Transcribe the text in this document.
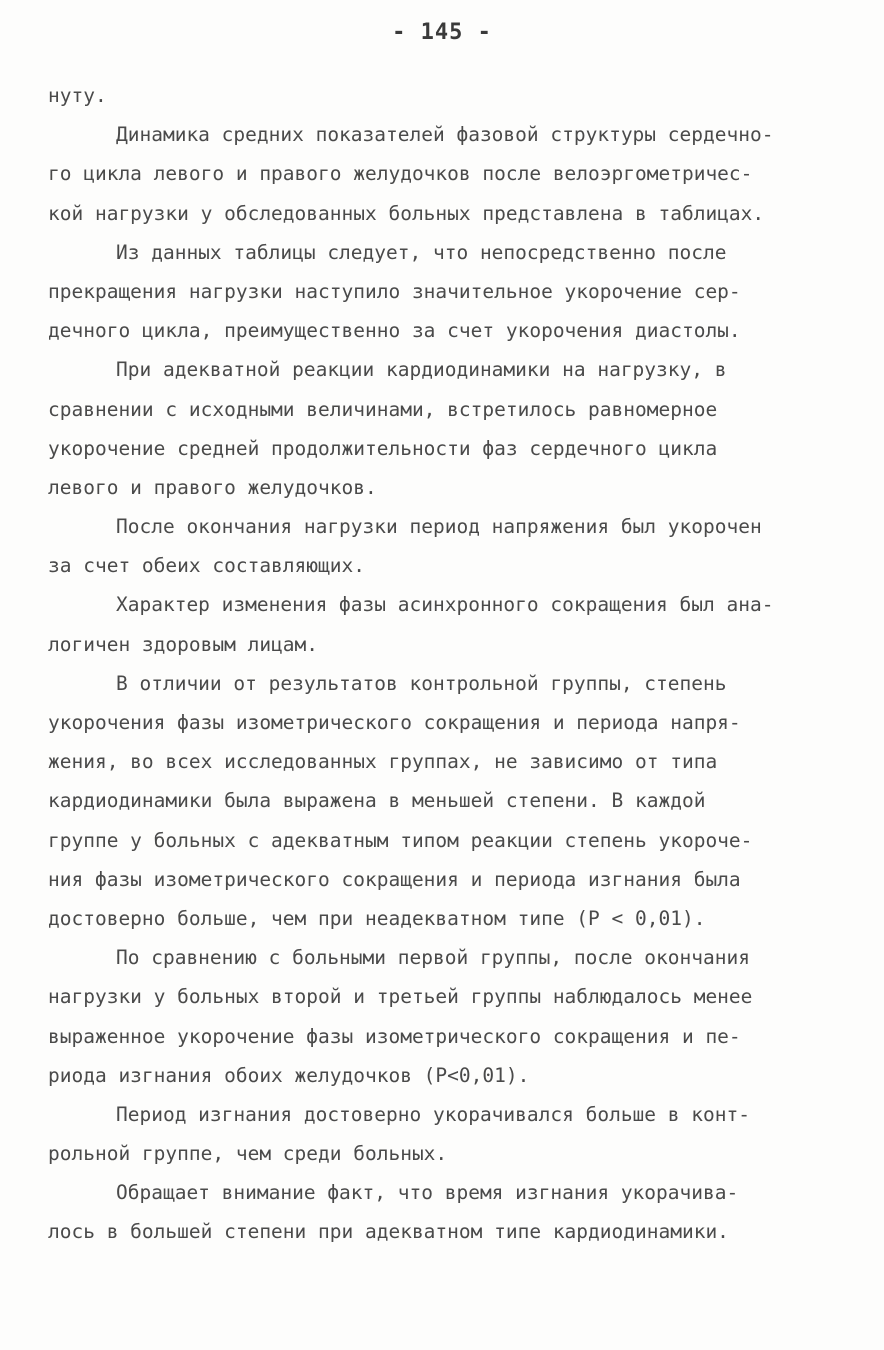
- 145 -
нуту.
Динамика средних показателей фазовой структуры сердечно-
го цикла левого и правого желудочков после велоэргометричес-
кой нагрузки у обследованных больных представлена в таблицах.
Из данных таблицы следует, что непосредственно после
прекращения нагрузки наступило значительное укорочение сер-
дечного цикла, преимущественно за счет укорочения диастолы.
При адекватной реакции кардиодинамики на нагрузку, в
сравнении с исходными величинами, встретилось равномерное
укорочение средней продолжительности фаз сердечного цикла
левого и правого желудочков.
После окончания нагрузки период напряжения был укорочен
за счет обеих составляющих.
Характер изменения фазы асинхронного сокращения был ана-
логичен здоровым лицам.
В отличии от результатов контрольной группы, степень
укорочения фазы изометрического сокращения и периода напря-
жения, во всех исследованных группах, не зависимо от типа
кардиодинамики была выражена в меньшей степени. В каждой
группе у больных с адекватным типом реакции степень укороче-
ния фазы изометрического сокращения и периода изгнания была
достоверно больше, чем при неадекватном типе (Р < 0,01).
По сравнению с больными первой группы, после окончания
нагрузки у больных второй и третьей группы наблюдалось менее
выраженное укорочение фазы изометрического сокращения и пе-
риода изгнания обоих желудочков (Р<0,01).
Период изгнания достоверно укорачивался больше в конт-
рольной группе, чем среди больных.
Обращает внимание факт, что время изгнания укорачива-
лось в большей степени при адекватном типе кардиодинамики.
